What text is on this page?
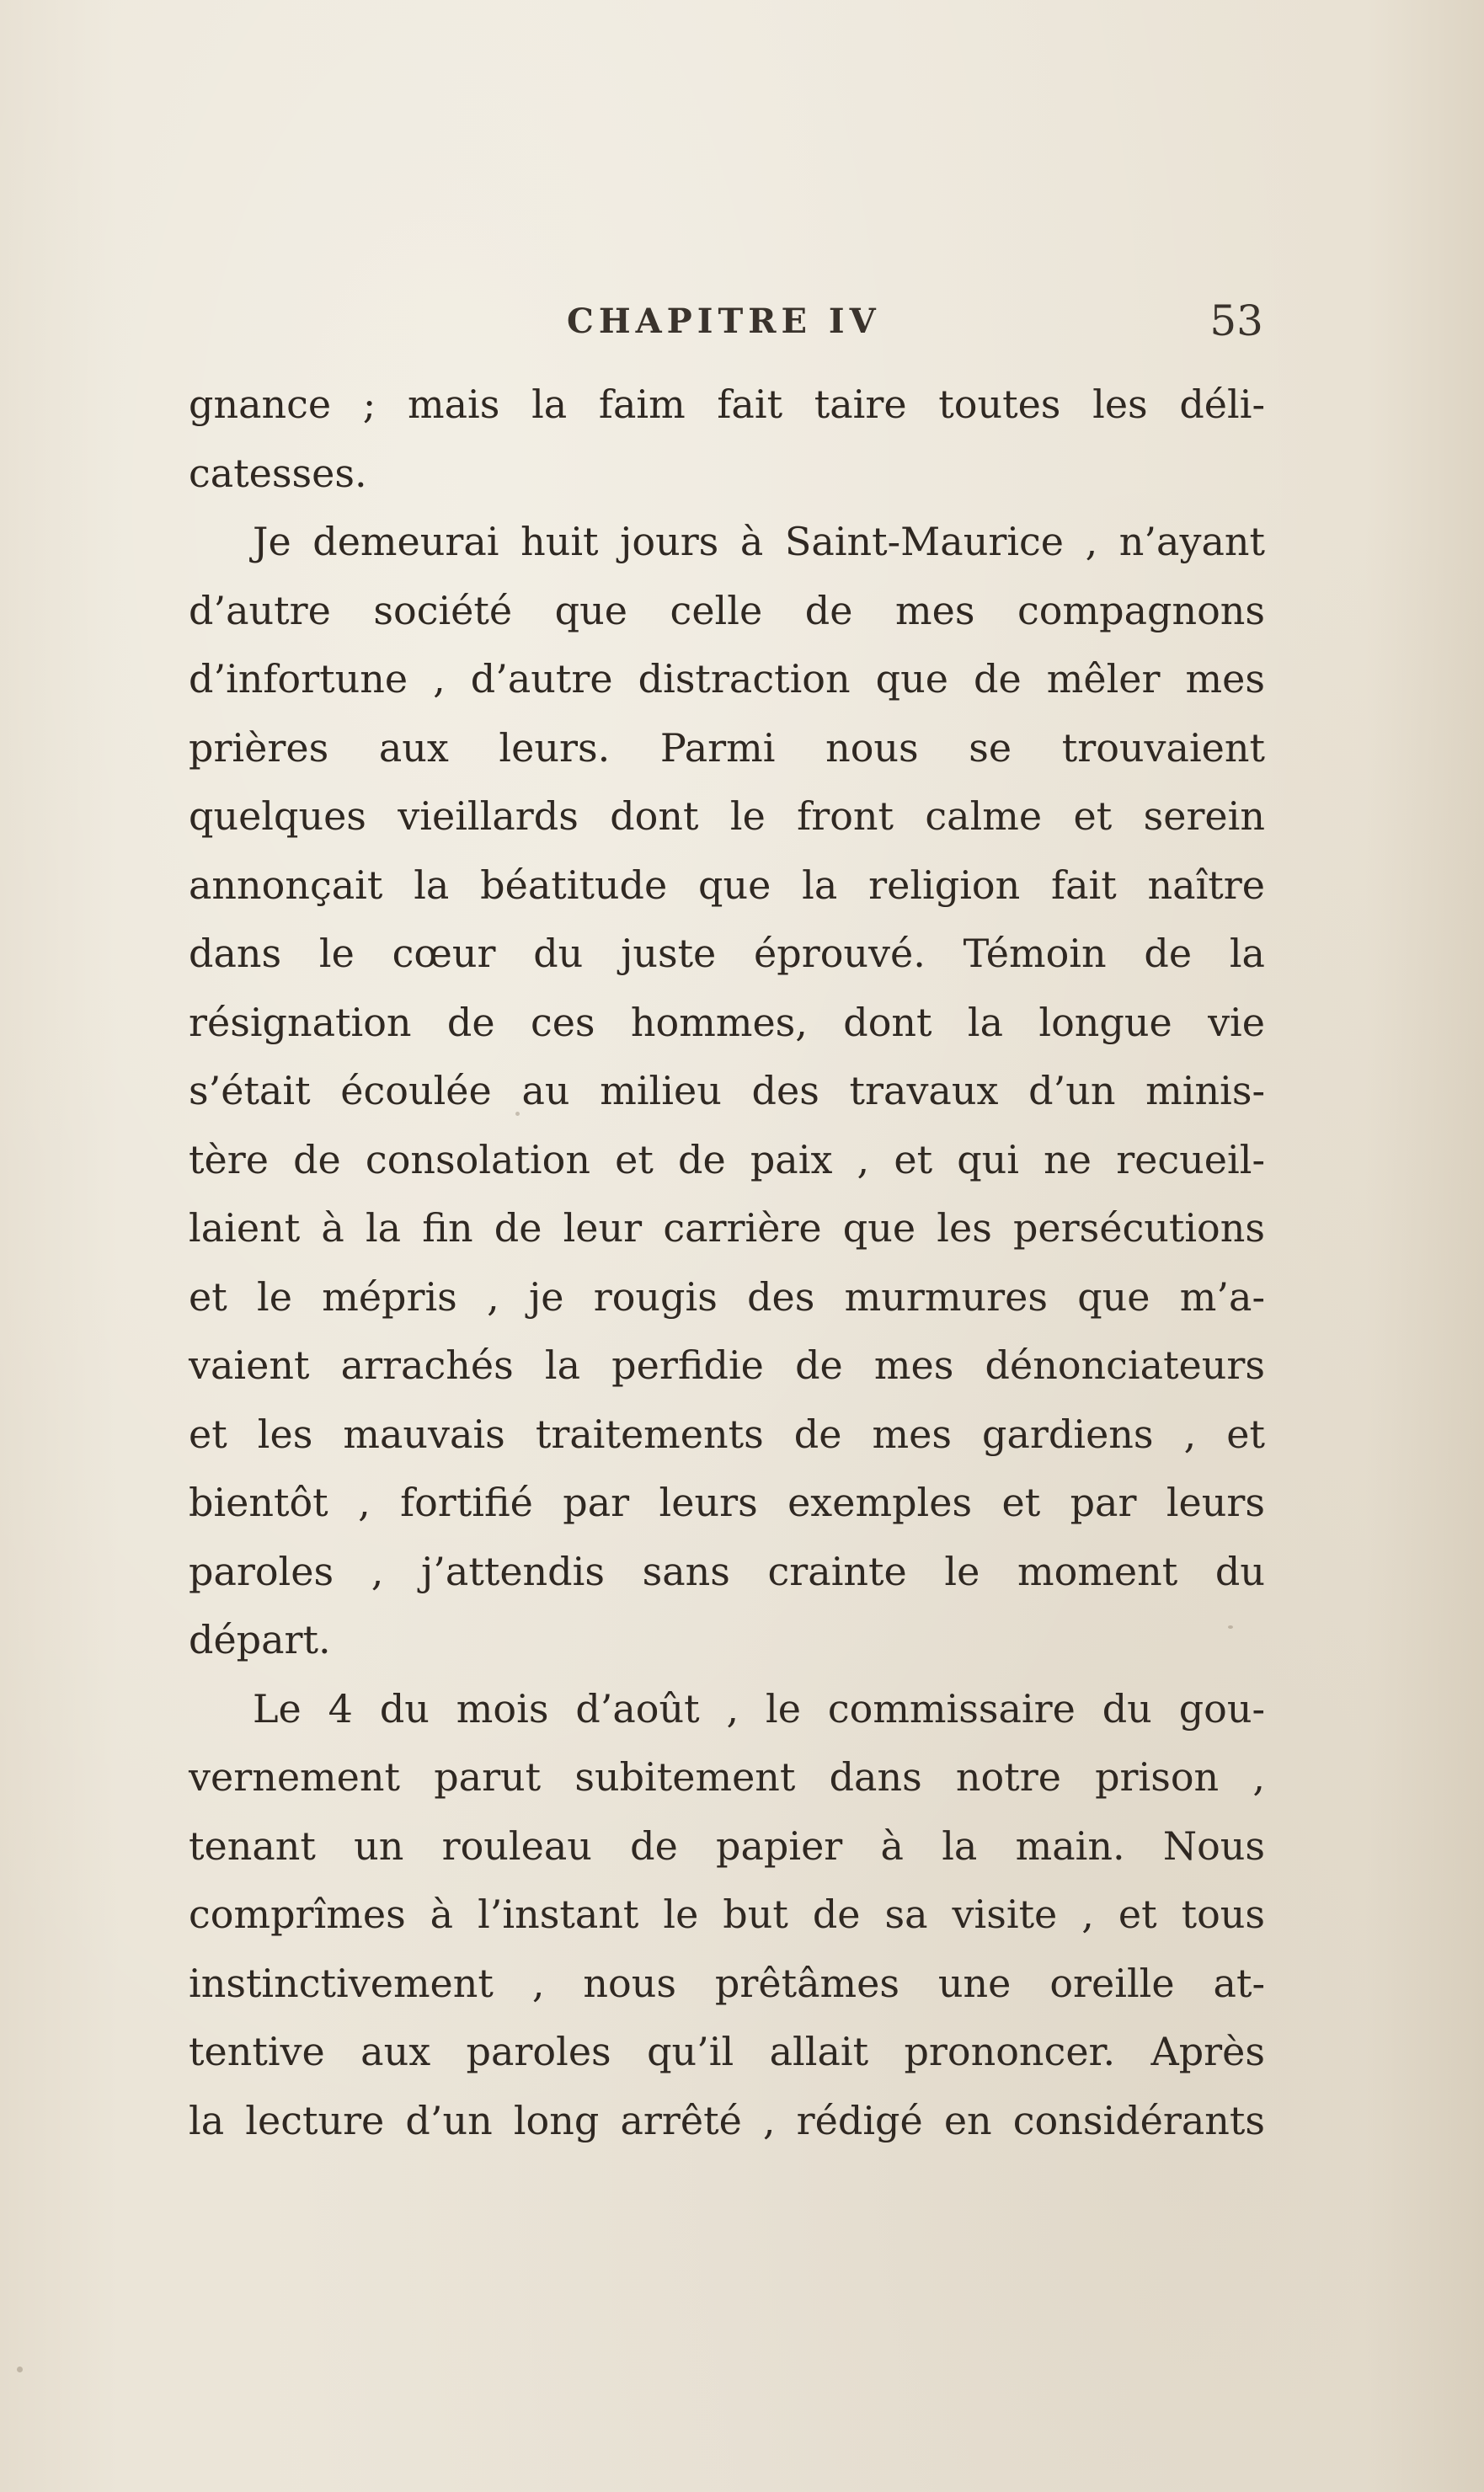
CHAPITRE IV	53
gnance ; mais la faim fait taire toutes les déli-
catesses.
Je demeurai huit jours à Saint-Maurice , n’ayant
d’autre société que celle de mes compagnons
d’infortune , d’autre distraction que de mêler mes
prières aux leurs. Parmi nous se trouvaient
quelques vieillards dont le front calme et serein
annonçait la béatitude que la religion fait naître
dans le cœur du juste éprouvé. Témoin de la
résignation de ces hommes, dont la longue vie
s’était écoulée au milieu des travaux d’un minis-
tère de consolation et de paix , et qui ne recueil-
laient à la fin de leur carrière que les persécutions
et le mépris , je rougis des murmures que m’a-
vaient arrachés la perfidie de mes dénonciateurs
et les mauvais traitements de mes gardiens , et
bientôt , fortifié par leurs exemples et par leurs
paroles , j’attendis sans crainte le moment du
départ.
Le 4 du mois d’août , le commissaire du gou-
vernement parut subitement dans notre prison ,
tenant un rouleau de papier à la main. Nous
comprîmes à l’instant le but de sa visite , et tous
instinctivement , nous prêtâmes une oreille at-
tentive aux paroles qu’il allait prononcer. Après
la lecture d’un long arrêté , rédigé en considérants
